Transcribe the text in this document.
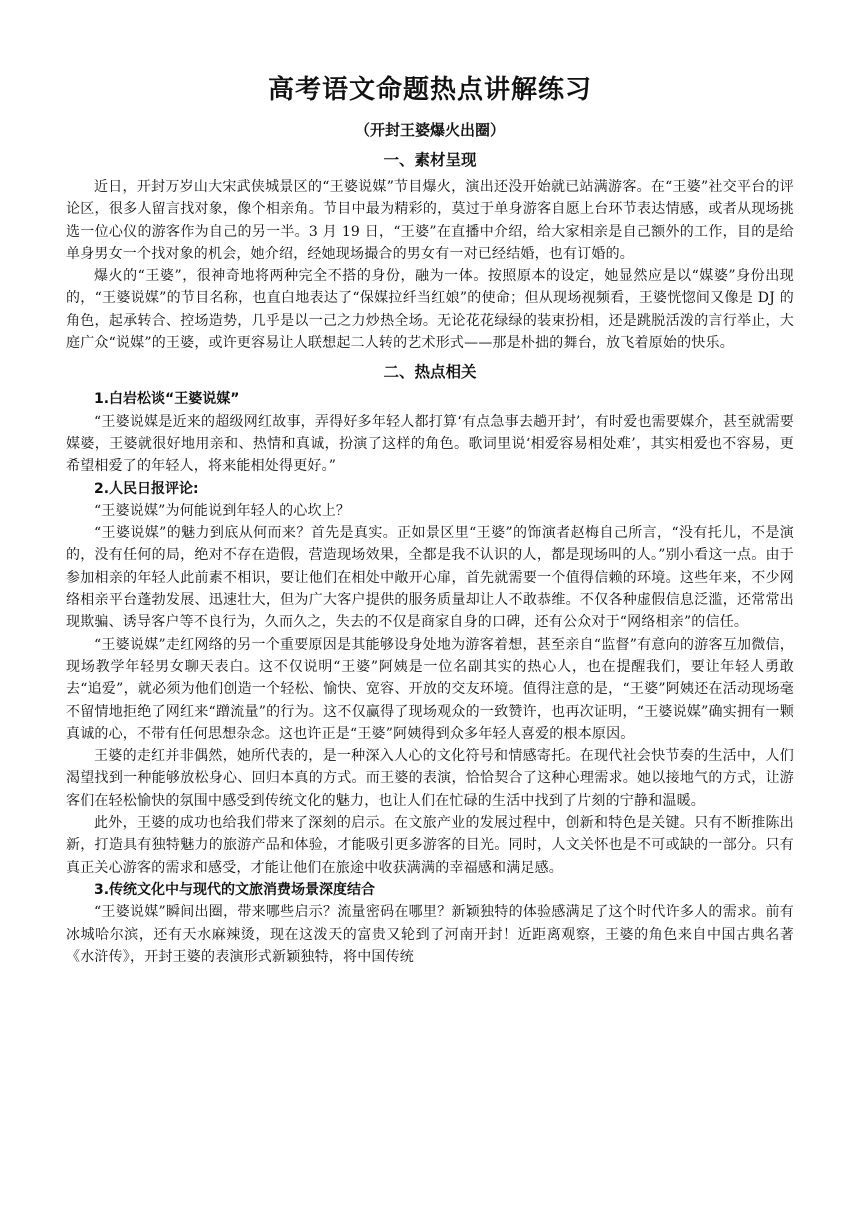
高考语文命题热点讲解练习
（开封王婆爆火出圈）
一、素材呈现

近日，开封万岁山大宋武侠城景区的“王婆说媒”节目爆火，演出还没开始就已站满游客。在“王婆”社交平台的评论区，很多人留言找对象，像个相亲角。节目中最为精彩的，莫过于单身游客自愿上台环节表达情感，或者从现场挑选一位心仪的游客作为自己的另一半。3 月 19 日，“王婆”在直播中介绍，给大家相亲是自己额外的工作，目的是给单身男女一个找对象的机会，她介绍，经她现场撮合的男女有一对已经结婚，也有订婚的。

爆火的“王婆”，很神奇地将两种完全不搭的身份，融为一体。按照原本的设定，她显然应是以“媒婆”身份出现的，“王婆说媒”的节目名称，也直白地表达了“保媒拉纤当红娘”的使命；但从现场视频看，王婆恍惚间又像是 DJ 的角色，起承转合、控场造势，几乎是以一己之力炒热全场。无论花花绿绿的装束扮相，还是跳脱活泼的言行举止，大庭广众“说媒”的王婆，或许更容易让人联想起二人转的艺术形式——那是朴拙的舞台，放飞着原始的快乐。

二、热点相关
1.白岩松谈“王婆说媒”

“王婆说媒是近来的超级网红故事，弄得好多年轻人都打算‘有点急事去趟开封’，有时爱也需要媒介，甚至就需要媒婆，王婆就很好地用亲和、热情和真诚，扮演了这样的角色。歌词里说‘相爱容易相处难’，其实相爱也不容易，更希望相爱了的年轻人，将来能相处得更好。”

2.人民日报评论:

“王婆说媒”为何能说到年轻人的心坎上？

“王婆说媒”的魅力到底从何而来？首先是真实。正如景区里“王婆”的饰演者赵梅自己所言，“没有托儿，不是演的，没有任何的局，绝对不存在造假，营造现场效果，全都是我不认识的人，都是现场叫的人。”别小看这一点。由于参加相亲的年轻人此前素不相识，要让他们在相处中敞开心扉，首先就需要一个值得信赖的环境。这些年来，不少网络相亲平台蓬勃发展、迅速壮大，但为广大客户提供的服务质量却让人不敢恭维。不仅各种虚假信息泛滥，还常常出现欺骗、诱导客户等不良行为，久而久之，失去的不仅是商家自身的口碑，还有公众对于“网络相亲”的信任。

“王婆说媒”走红网络的另一个重要原因是其能够设身处地为游客着想，甚至亲自“监督”有意向的游客互加微信，现场教学年轻男女聊天表白。这不仅说明“王婆”阿姨是一位名副其实的热心人，也在提醒我们，要让年轻人勇敢去“追爱”，就必须为他们创造一个轻松、愉快、宽容、开放的交友环境。值得注意的是，“王婆”阿姨还在活动现场毫不留情地拒绝了网红来“蹭流量”的行为。这不仅赢得了现场观众的一致赞许，也再次证明，“王婆说媒”确实拥有一颗真诚的心，不带有任何思想杂念。这也许正是“王婆”阿姨得到众多年轻人喜爱的根本原因。

王婆的走红并非偶然，她所代表的，是一种深入人心的文化符号和情感寄托。在现代社会快节奏的生活中，人们渴望找到一种能够放松身心、回归本真的方式。而王婆的表演，恰恰契合了这种心理需求。她以接地气的方式，让游客们在轻松愉快的氛围中感受到传统文化的魅力，也让人们在忙碌的生活中找到了片刻的宁静和温暖。

此外，王婆的成功也给我们带来了深刻的启示。在文旅产业的发展过程中，创新和特色是关键。只有不断推陈出新，打造具有独特魅力的旅游产品和体验，才能吸引更多游客的目光。同时，人文关怀也是不可或缺的一部分。只有真正关心游客的需求和感受，才能让他们在旅途中收获满满的幸福感和满足感。

3.传统文化中与现代的文旅消费场景深度结合

“王婆说媒”瞬间出圈，带来哪些启示？流量密码在哪里？新颖独特的体验感满足了这个时代许多人的需求。前有冰城哈尔滨，还有天水麻辣烫，现在这泼天的富贵又轮到了河南开封！近距离观察，王婆的角色来自中国古典名著《水浒传》，开封王婆的表演形式新颖独特，将中国传统
